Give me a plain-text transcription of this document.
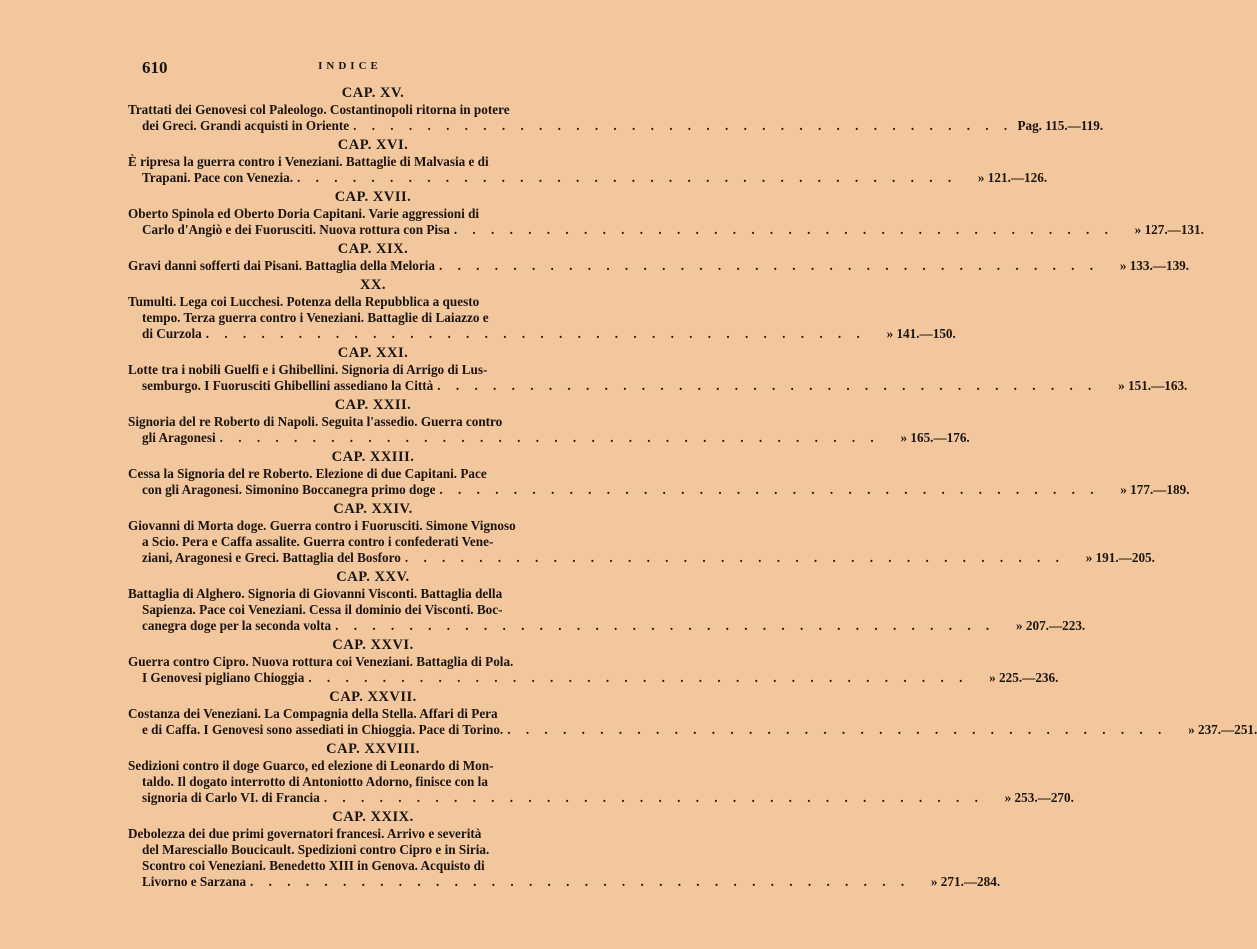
610	INDICE
CAP. XV.

Trattati dei Genovesi col Paleologo. Costantinopoli ritorna in potere

dei Greci. Grandi acquisti in Oriente . . . . . . . . . . . . . . . . . . . . . . . . . . . . . . . . . . . . Pag. 115.—119.
CAP. XVI.

È ripresa la guerra contro i Veneziani. Battaglie di Malvasia e di

Trapani. Pace con Venezia. . . . . . . . . . . . . . . . . . . . . . . . . . . . . . . . . . . . .	» 121.—126.
CAP. XVII.

Oberto Spinola ed Oberto Doria Capitani. Varie aggressioni di

Carlo d'Angiò e dei Fuorusciti. Nuova rottura con Pisa . . . . . . . . . . . . . . . . . . . . . . . . . . . . . . . . . . . .	» 127.—131.
CAP. XIX.
Gravi danni sofferti dai Pisani. Battaglia della Meloria . . . . . . . . . . . . . . . . . . . . . . . . . . . . . . . . . . . .	» 133.—139.
XX.

Tumulti. Lega coi Lucchesi. Potenza della Repubblica a questo

tempo. Terza guerra contro i Veneziani. Battaglie di Laiazzo e

di Curzola . . . . . . . . . . . . . . . . . . . . . . . . . . . . . . . . . . . .	» 141.—150.
CAP. XXI.

Lotte tra i nobili Guelfi e i Ghibellini. Signoria di Arrigo di Lus-

semburgo. I Fuorusciti Ghibellini assediano la Città . . . . . . . . . . . . . . . . . . . . . . . . . . . . . . . . . . . .	» 151.—163.
CAP. XXII.

Signoria del re Roberto di Napoli. Seguita l'assedio. Guerra contro

gli Aragonesi . . . . . . . . . . . . . . . . . . . . . . . . . . . . . . . . . . . .	» 165.—176.
CAP. XXIII.

Cessa la Signoria del re Roberto. Elezione di due Capitani. Pace

con gli Aragonesi. Simonino Boccanegra primo doge . . . . . . . . . . . . . . . . . . . . . . . . . . . . . . . . . . . .	» 177.—189.
CAP. XXIV.

Giovanni di Morta doge. Guerra contro i Fuorusciti. Simone Vignoso

a Scio. Pera e Caffa assalite. Guerra contro i confederati Vene-

ziani, Aragonesi e Greci. Battaglia del Bosforo . . . . . . . . . . . . . . . . . . . . . . . . . . . . . . . . . . . .	» 191.—205.
CAP. XXV.

Battaglia di Alghero. Signoria di Giovanni Visconti. Battaglia della

Sapienza. Pace coi Veneziani. Cessa il dominio dei Visconti. Boc-

canegra doge per la seconda volta . . . . . . . . . . . . . . . . . . . . . . . . . . . . . . . . . . . .	» 207.—223.
CAP. XXVI.

Guerra contro Cipro. Nuova rottura coi Veneziani. Battaglia di Pola.

I Genovesi pigliano Chioggia . . . . . . . . . . . . . . . . . . . . . . . . . . . . . . . . . . . .	» 225.—236.
CAP. XXVII.

Costanza dei Veneziani. La Compagnia della Stella. Affari di Pera

e di Caffa. I Genovesi sono assediati in Chioggia. Pace di Torino. . . . . . . . . . . . . . . . . . . . . . . . . . . . . . . . . . . . .	» 237.—251.
CAP. XXVIII.

Sedizioni contro il doge Guarco, ed elezione di Leonardo di Mon-

taldo. Il dogato interrotto di Antoniotto Adorno, finisce con la

signoria di Carlo VI. di Francia . . . . . . . . . . . . . . . . . . . . . . . . . . . . . . . . . . . .	» 253.—270.
CAP. XXIX.

Debolezza dei due primi governatori francesi. Arrivo e severità

del Maresciallo Boucicault. Spedizioni contro Cipro e in Siria.

Scontro coi Veneziani. Benedetto XIII in Genova. Acquisto di

Livorno e Sarzana . . . . . . . . . . . . . . . . . . . . . . . . . . . . . . . . . . . .	» 271.—284.
